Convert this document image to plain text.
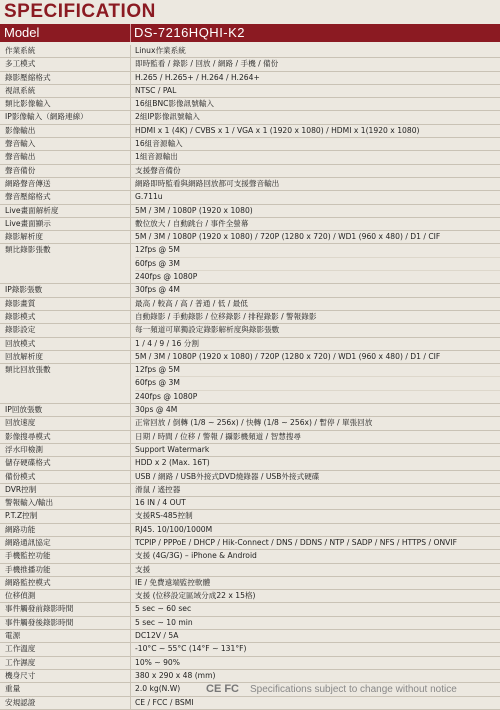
SPECIFICATION
Model	DS-7216HQHI-K2
作業系統	Linux作業系統
多工模式	即時監看 / 錄影 / 回放 / 網路 / 手機 / 備份
錄影壓縮格式	H.265 / H.265+ / H.264 / H.264+
視訊系統	NTSC / PAL
類比影像輸入	16組BNC影像訊號輸入
IP影像輸入（網路連線）	2組IP影像訊號輸入
影像輸出	HDMI x 1 (4K) / CVBS x 1 / VGA x 1 (1920 x 1080) / HDMI x 1(1920 x 1080)
聲音輸入	16組音源輸入
聲音輸出	1組音源輸出
聲音備份	支援聲音備份
網路聲音傳送	網路即時監看與網路回放都可支援聲音輸出
聲音壓縮格式	G.711u
Live畫面解析度	5M / 3M / 1080P (1920 x 1080)
Live畫面顯示	數位放大 / 自動跳台 / 事件全螢幕
錄影解析度	5M / 3M / 1080P (1920 x 1080) / 720P (1280 x 720) / WD1 (960 x 480) / D1 / CIF
類比錄影張數	12fps @ 5M
60fps @ 3M
240fps @ 1080P
IP錄影張數	30fps @ 4M
錄影畫質	最高 / 較高 / 高 / 普通 / 低 / 最低
錄影模式	自動錄影 / 手動錄影 / 位移錄影 / 排程錄影 / 警報錄影
錄影設定	每一頻道可單獨設定錄影解析度與錄影張數
回放模式	1 / 4 / 9 / 16 分割
回放解析度	5M / 3M / 1080P (1920 x 1080) / 720P (1280 x 720) / WD1 (960 x 480) / D1 / CIF
類比回放張數	12fps @ 5M
60fps @ 3M
240fps @ 1080P
IP回放張數	30ps @ 4M
回放速度	正常回放 / 倒轉 (1/8 ~ 256x) / 快轉 (1/8 ~ 256x) / 暫停 / 單張回放
影像搜尋模式	日期 / 時間 / 位移 / 警報 / 攝影機頻道 / 智慧搜尋
浮水印檢測	Support Watermark
儲存硬碟格式	HDD x 2 (Max. 16T)
備份模式	USB / 網路 / USB外接式DVD燒錄器 / USB外接式硬碟
DVR控制	滑鼠 / 遙控器
警報輸入/輸出	16 IN / 4 OUT
P.T.Z控制	支援RS-485控制
網路功能	RJ45. 10/100/1000M
網路通訊協定	TCPIP / PPPoE / DHCP / Hik-Connect / DNS / DDNS / NTP / SADP / NFS / HTTPS / ONVIF
手機監控功能	支援 (4G/3G) – iPhone & Android
手機推播功能	支援
網路監控模式	IE / 免費遠端監控軟體
位移偵測	支援 (位移設定區域分成22 x 15格)
事件觸發前錄影時間	5 sec ~ 60 sec
事件觸發後錄影時間	5 sec ~ 10 min
電源	DC12V / 5A
工作溫度	-10°C ~ 55°C (14°F ~ 131°F)
工作濕度	10% ~ 90%
機身尺寸	380 x 290 x 48 (mm)
重量	2.0 kg(N.W)
安規認證	CE / FCC / BSMI
CE FC Specifications subject to change without notice
